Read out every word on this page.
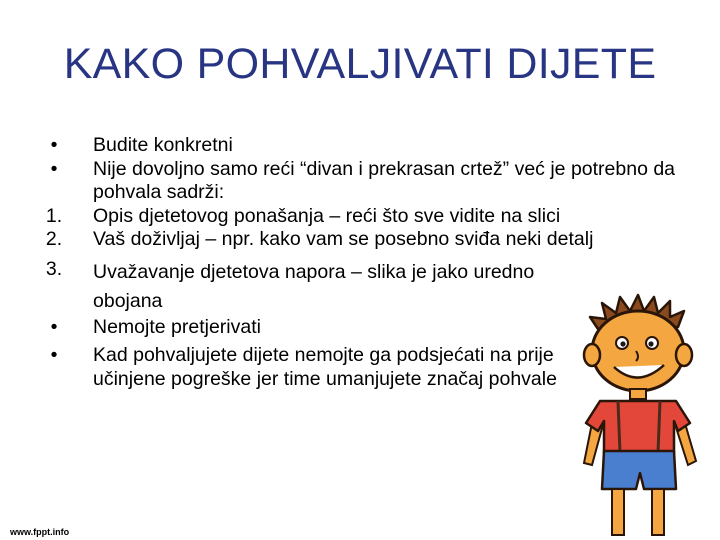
KAKO POHVALJIVATI DIJETE
•	Budite konkretni
•	Nije dovoljno samo reći “divan i prekrasan crtež” već je potrebno da pohvala sadrži:
1.	Opis djetetovog ponašanja – reći što sve vidite na slici
2.	Vaš doživljaj – npr. kako vam se posebno sviđa neki detalj
3.	Uvažavanje djetetova napora – slika je jako uredno obojana
•	Nemojte pretjerivati
•	Kad pohvaljujete dijete nemojte ga podsjećati na prije učinjene pogreške jer time umanjujete značaj pohvale
www.fppt.info
